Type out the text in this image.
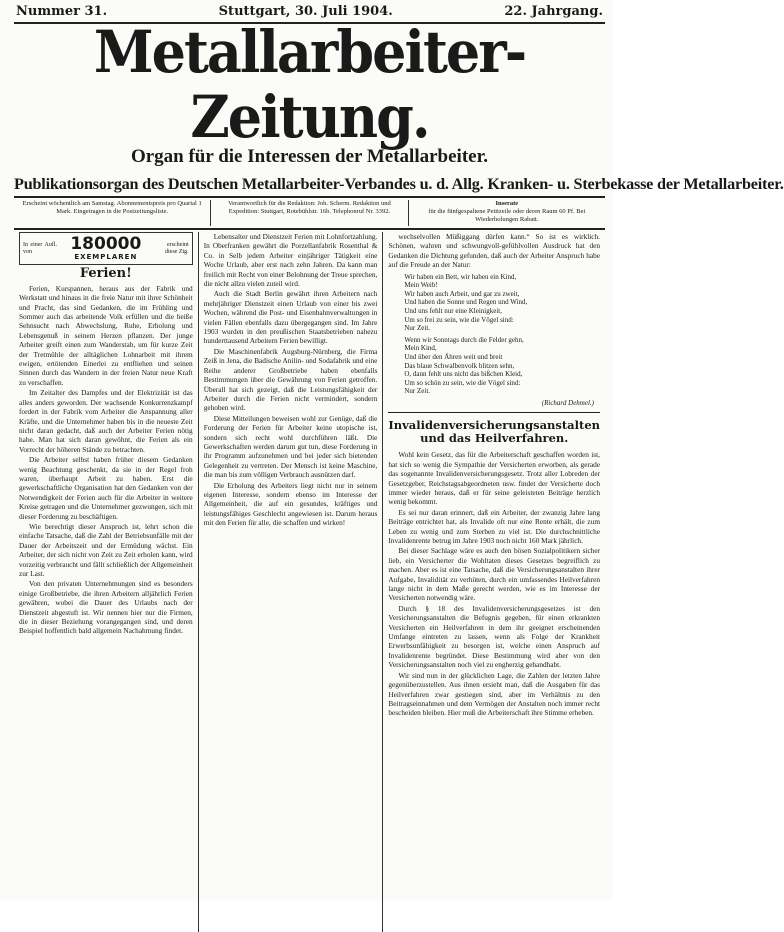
Nummer 31.	Stuttgart, 30. Juli 1904.	22. Jahrgang.
Metallarbeiter-Zeitung.
Organ für die Interessen der Metallarbeiter.
Publikationsorgan des Deutschen Metallarbeiter-Verbandes u. d. Allg. Kranken- u. Sterbekasse der Metallarbeiter.
Erscheint wöchentlich am Samstag. Abonnementspreis pro Quartal 1 Mark. Eingetragen in die Postzeitungsliste.
Verantwortlich für die Redaktion: Joh. Scherm. Redaktion und Expedition: Stuttgart, Rotebühlstr. 16b. Telephonruf Nr. 3392.
Inserate
für die fünfgespaltene Petitzeile oder deren Raum 60 Pf. Bei Wiederholungen Rabatt.
In einer Aufl. von	180000
EXEMPLAREN
erscheint diese Ztg.
Ferien!

Ferien, Kurspannen, heraus aus der Fabrik und Werkstatt und hinaus in die freie Natur mit ihrer Schönheit und Pracht, das sind Gedanken, die im Frühling und Sommer auch das arbeitende Volk erfüllen und die heiße Sehnsucht nach Abwechslung, Ruhe, Erholung und Lebensgenuß in seinem Herzen pflanzen. Der junge Arbeiter greift einen zum Wanderstab, um für kurze Zeit der Tretmühle der alltäglichen Lohnarbeit mit ihrem ewigen, ertötenden Einerlei zu entfliehen und seinen Sinnen durch das Wandern in der freien Natur neue Kraft zu verschaffen.

Im Zeitalter des Dampfes und der Elektrizität ist das alles anders geworden. Der wachsende Konkurrenzkampf fordert in der Fabrik vom Arbeiter die Anspannung aller Kräfte, und die Unternehmer haben bis in die neueste Zeit nicht daran gedacht, daß auch der Arbeiter Ferien nötig habe. Man hat sich daran gewöhnt, die Ferien als ein Vorrecht der höheren Stände zu betrachten.

Die Arbeiter selbst haben früher diesem Gedanken wenig Beachtung geschenkt, da sie in der Regel froh waren, überhaupt Arbeit zu haben. Erst die gewerkschaftliche Organisation hat den Gedanken von der Notwendigkeit der Ferien auch für die Arbeiter in weitere Kreise getragen und die Unternehmer gezwungen, sich mit dieser Forderung zu beschäftigen.

Wie berechtigt dieser Anspruch ist, lehrt schon die einfache Tatsache, daß die Zahl der Betriebsunfälle mit der Dauer der Arbeitszeit und der Ermüdung wächst. Ein Arbeiter, der sich nicht von Zeit zu Zeit erholen kann, wird vorzeitig verbraucht und fällt schließlich der Allgemeinheit zur Last.

Von den privaten Unternehmungen sind es besonders einige Großbetriebe, die ihren Arbeitern alljährlich Ferien gewähren, wobei die Dauer des Urlaubs nach der Dienstzeit abgestuft ist. Wir nennen hier nur die Firmen, die in dieser Beziehung vorangegangen sind, und deren Beispiel hoffentlich bald allgemein Nachahmung findet.

Lebensalter und Dienstzeit Ferien mit Lohnfortzahlung. In Oberfranken gewährt die Porzellanfabrik Rosenthal & Co. in Selb jedem Arbeiter einjähriger Tätigkeit eine Woche Urlaub, aber erst nach zehn Jahren. Da kann man freilich mit Recht von einer Belohnung der Treue sprechen, die nicht allzu vielen zuteil wird.

Auch die Stadt Berlin gewährt ihren Arbeitern nach mehrjähriger Dienstzeit einen Urlaub von einer bis zwei Wochen, während die Post- und Eisenbahnverwaltungen in vielen Fällen ebenfalls dazu übergegangen sind. Im Jahre 1903 wurden in den preußischen Staatsbetrieben nahezu hunderttausend Arbeitern Ferien bewilligt.

Die Maschinenfabrik Augsburg-Nürnberg, die Firma Zeiß in Jena, die Badische Anilin- und Sodafabrik und eine Reihe anderer Großbetriebe haben ebenfalls Bestimmungen über die Gewährung von Ferien getroffen. Überall hat sich gezeigt, daß die Leistungsfähigkeit der Arbeiter durch die Ferien nicht vermindert, sondern gehoben wird.

Diese Mitteilungen beweisen wohl zur Genüge, daß die Forderung der Ferien für Arbeiter keine utopische ist, sondern sich recht wohl durchführen läßt. Die Gewerkschaften werden darum gut tun, diese Forderung in ihr Programm aufzunehmen und bei jeder sich bietenden Gelegenheit zu vertreten. Der Mensch ist keine Maschine, die man bis zum völligen Verbrauch ausnützen darf.

Die Erholung des Arbeiters liegt nicht nur in seinem eigenen Interesse, sondern ebenso im Interesse der Allgemeinheit, die auf ein gesundes, kräftiges und leistungsfähiges Geschlecht angewiesen ist. Darum heraus mit den Ferien für alle, die schaffen und wirken!

wechselvollen Müßiggang dürfen kann.“ So ist es wirklich. Schönen, wahren und schwungvoll-gefühlvollen Ausdruck hat den Gedanken die Dichtung gefunden, daß auch der Arbeiter Anspruch habe auf die Freude an der Natur:

Wir haben ein Bett, wir haben ein Kind,
Mein Weib!
Wir haben auch Arbeit, und gar zu zweit,
Und haben die Sonne und Regen und Wind,
Und uns fehlt nur eine Kleinigkeit,
Um so frei zu sein, wie die Vögel sind:
Nur Zeit.
Wenn wir Sonntags durch die Felder gehn,
Mein Kind,
Und über den Ähren weit und breit
Das blaue Schwalbenvolk blitzen sehn,
O, dann fehlt uns nicht das bißchen Kleid,
Um so schön zu sein, wie die Vögel sind:
Nur Zeit.
(Richard Dehmel.)
Invalidenversicherungsanstalten und das Heilverfahren.

Wohl kein Gesetz, das für die Arbeiterschaft geschaffen worden ist, hat sich so wenig die Sympathie der Versicherten erworben, als gerade das sogenannte Invalidenversicherungsgesetz. Trotz aller Lobreden der Gesetzgeber, Reichstagsabgeordneten usw. findet der Versicherte doch immer wieder heraus, daß er für seine geleisteten Beiträge herzlich wenig bekommt.

Es sei nur daran erinnert, daß ein Arbeiter, der zwanzig Jahre lang Beiträge entrichtet hat, als Invalide oft nur eine Rente erhält, die zum Leben zu wenig und zum Sterben zu viel ist. Die durchschnittliche Invalidenrente betrug im Jahre 1903 noch nicht 160 Mark jährlich.

Bei dieser Sachlage wäre es auch den bösen Sozialpolitikern sicher lieb, ein Versicherter die Wohltaten dieses Gesetzes begreiflich zu machen. Aber es ist eine Tatsache, daß die Versicherungsanstalten ihrer Aufgabe, Invalidität zu verhüten, durch ein umfassendes Heilverfahren lange nicht in dem Maße gerecht werden, wie es im Interesse der Versicherten notwendig wäre.

Durch § 18 des Invalidenversicherungsgesetzes ist den Versicherungsanstalten die Befugnis gegeben, für einen erkrankten Versicherten ein Heilverfahren in dem ihr geeignet erscheinenden Umfange eintreten zu lassen, wenn als Folge der Krankheit Erwerbsunfähigkeit zu besorgen ist, welche einen Anspruch auf Invalidenrente begründet. Diese Bestimmung wird aber von den Versicherungsanstalten noch viel zu engherzig gehandhabt.

Wir sind nun in der glücklichen Lage, die Zahlen der letzten Jahre gegenüberzustellen. Aus ihnen ersieht man, daß die Ausgaben für das Heilverfahren zwar gestiegen sind, aber im Verhältnis zu den Beitragseinnahmen und dem Vermögen der Anstalten noch immer recht bescheiden bleiben. Hier muß die Arbeiterschaft ihre Stimme erheben.
